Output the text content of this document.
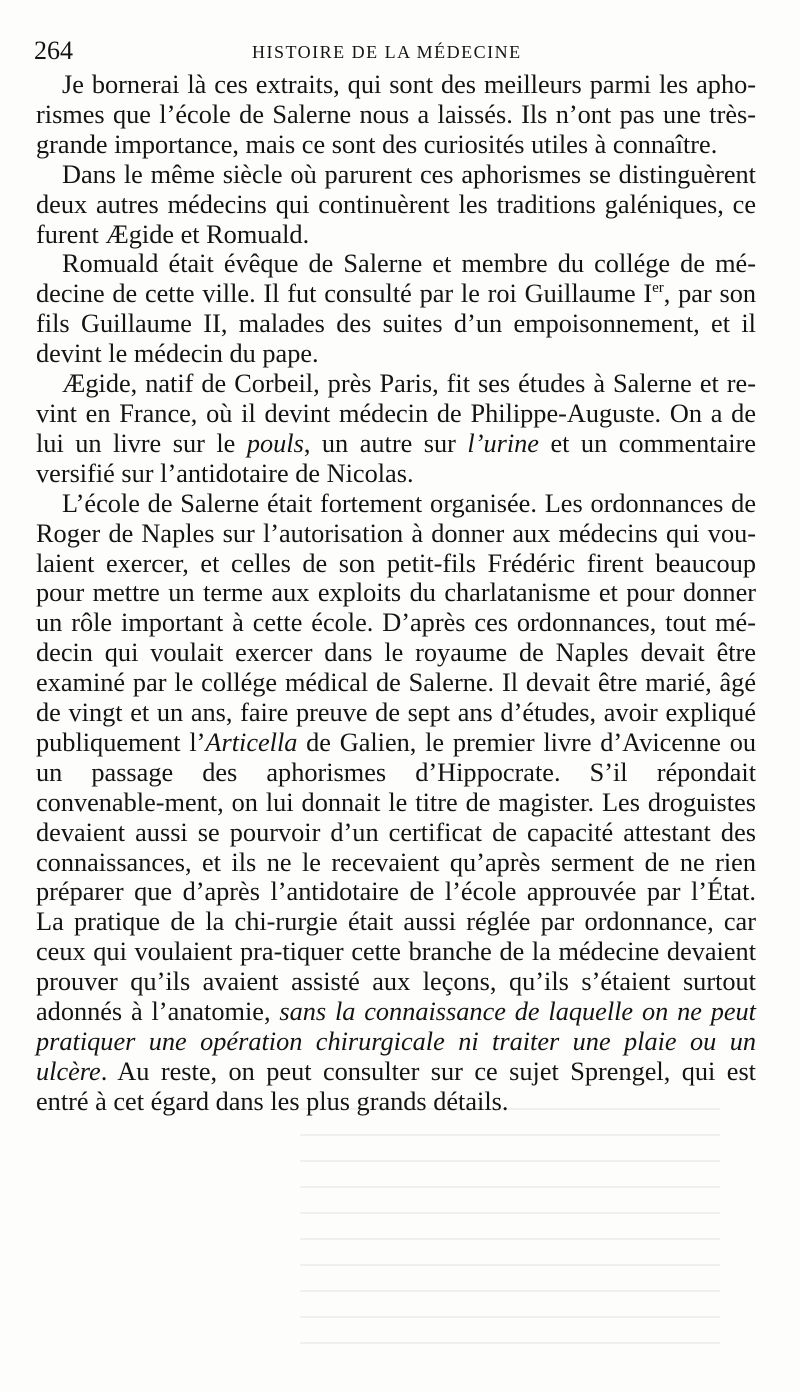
264	HISTOIRE DE LA MÉDECINE

Je bornerai là ces extraits, qui sont des meilleurs parmi les apho-rismes que l’école de Salerne nous a laissés. Ils n’ont pas une très-grande importance, mais ce sont des curiosités utiles à connaître.

Dans le même siècle où parurent ces aphorismes se distinguèrent deux autres médecins qui continuèrent les traditions galéniques, ce furent Ægide et Romuald.

Romuald était évêque de Salerne et membre du collége de mé-decine de cette ville. Il fut consulté par le roi Guillaume Ier, par son fils Guillaume II, malades des suites d’un empoisonnement, et il devint le médecin du pape.

Ægide, natif de Corbeil, près Paris, fit ses études à Salerne et re-vint en France, où il devint médecin de Philippe-Auguste. On a de lui un livre sur le pouls, un autre sur l’urine et un commentaire versifié sur l’antidotaire de Nicolas.

L’école de Salerne était fortement organisée. Les ordonnances de Roger de Naples sur l’autorisation à donner aux médecins qui vou-laient exercer, et celles de son petit-fils Frédéric firent beaucoup pour mettre un terme aux exploits du charlatanisme et pour donner un rôle important à cette école. D’après ces ordonnances, tout mé-decin qui voulait exercer dans le royaume de Naples devait être examiné par le collége médical de Salerne. Il devait être marié, âgé de vingt et un ans, faire preuve de sept ans d’études, avoir expliqué publiquement l’Articella de Galien, le premier livre d’Avicenne ou un passage des aphorismes d’Hippocrate. S’il répondait convenable-ment, on lui donnait le titre de magister. Les droguistes devaient aussi se pourvoir d’un certificat de capacité attestant des connaissances, et ils ne le recevaient qu’après serment de ne rien préparer que d’après l’antidotaire de l’école approuvée par l’État. La pratique de la chi-rurgie était aussi réglée par ordonnance, car ceux qui voulaient pra-tiquer cette branche de la médecine devaient prouver qu’ils avaient assisté aux leçons, qu’ils s’étaient surtout adonnés à l’anatomie, sans la connaissance de laquelle on ne peut pratiquer une opération chirurgicale ni traiter une plaie ou un ulcère. Au reste, on peut consulter sur ce sujet Sprengel, qui est entré à cet égard dans les plus grands détails.
